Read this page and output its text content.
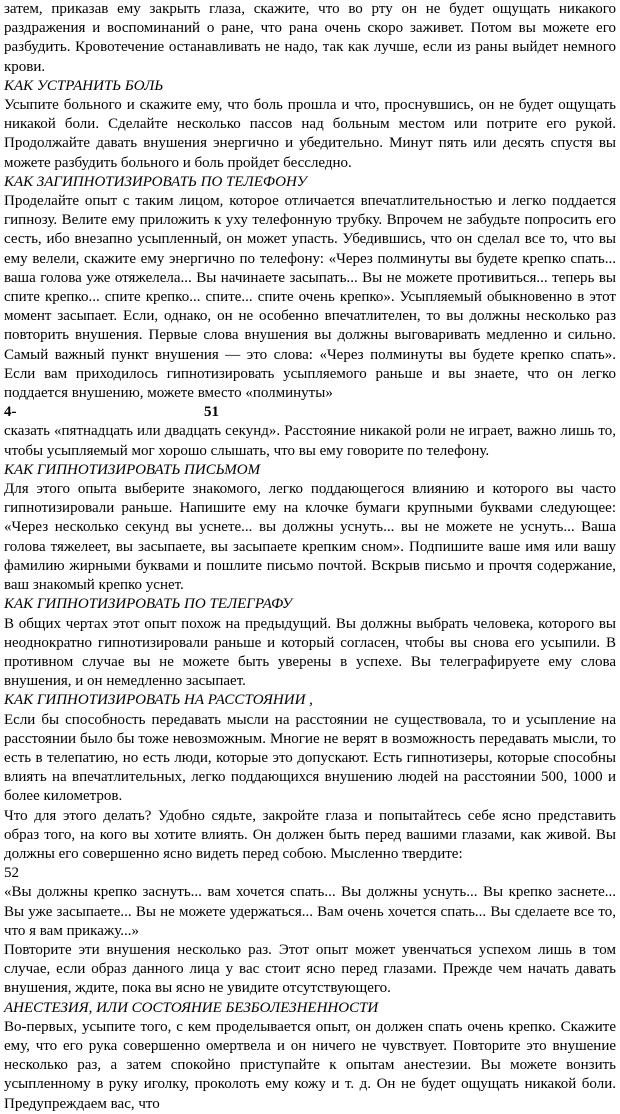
затем, приказав ему закрыть глаза, скажите, что во рту он не будет ощущать никакого раздражения и воспоминаний о ране, что рана очень скоро заживет. Потом вы можете его разбудить. Кровотечение останавливать не надо, так как лучше, если из раны выйдет немного крови.

КАК УСТРАНИТЬ БОЛЬ

Усыпите больного и скажите ему, что боль прошла и что, проснувшись, он не будет ощущать никакой боли. Сделайте несколько пассов над больным местом или потрите его рукой. Продолжайте давать внушения энергично и убедительно. Минут пять или десять спустя вы можете разбудить больного и боль пройдет бесследно.

КАК ЗАГИПНОТИЗИРОВАТЬ ПО ТЕЛЕФОНУ

Проделайте опыт с таким лицом, которое отличается впечатлительностью и легко поддается гипнозу. Велите ему приложить к уху телефонную трубку. Впрочем не забудьте попросить его сесть, ибо внезапно усыпленный, он может упасть. Убедившись, что он сделал все то, что вы ему велели, скажите ему энергично по телефону: «Через полминуты вы будете крепко спать... ваша голова уже отяжелела... Вы начинаете засыпать... Вы не можете противиться... теперь вы спите крепко... спите крепко... спите... спите очень крепко». Усыпляемый обыкновенно в этот момент засыпает. Если, однако, он не особенно впечатлителен, то вы должны несколько раз повторить внушения. Первые слова внушения вы должны выговаривать медленно и сильно. Самый важный пункт внушения — это слова: «Через полминуты вы будете крепко спать». Если вам приходилось гипнотизировать усыпляемого раньше и вы знаете, что он легко поддается внушению, можете вместо «полминуты»

4-	51

сказать «пятнадцать или двадцать секунд». Расстояние никакой роли не играет, важно лишь то, чтобы усыпляемый мог хорошо слышать, что вы ему говорите по телефону.

КАК ГИПНОТИЗИРОВАТЬ ПИСЬМОМ

Для этого опыта выберите знакомого, легко поддающегося влиянию и которого вы часто гипнотизировали раньше. Напишите ему на клочке бумаги крупными буквами следующее: «Через несколько секунд вы уснете... вы должны уснуть... вы не можете не уснуть... Ваша голова тяжелеет, вы засыпаете, вы засыпаете крепким сном». Подпишите ваше имя или вашу фамилию жирными буквами и пошлите письмо почтой. Вскрыв письмо и прочтя содержание, ваш знакомый крепко уснет.

КАК ГИПНОТИЗИРОВАТЬ ПО ТЕЛЕГРАФУ

В общих чертах этот опыт похож на предыдущий. Вы должны выбрать человека, которого вы неоднократно гипнотизировали раньше и который согласен, чтобы вы снова его усыпили. В противном случае вы не можете быть уверены в успехе. Вы телеграфируете ему слова внушения, и он немедленно засыпает.

КАК ГИПНОТИЗИРОВАТЬ НА РАССТОЯНИИ ,

Если бы способность передавать мысли на расстоянии не существовала, то и усыпление на расстоянии было бы тоже невозможным. Многие не верят в возможность передавать мысли, то есть в телепатию, но есть люди, которые это допускают. Есть гипнотизеры, которые способны влиять на впечатлительных, легко поддающихся внушению людей на расстоянии 500, 1000 и более километров.

Что для этого делать? Удобно сядьте, закройте глаза и попытайтесь себе ясно представить образ того, на кого вы хотите влиять. Он должен быть перед вашими глазами, как живой. Вы должны его совершенно ясно видеть перед собою. Мысленно твердите:

52

«Вы должны крепко заснуть... вам хочется спать... Вы должны уснуть... Вы крепко заснете... Вы уже засыпаете... Вы не можете удержаться... Вам очень хочется спать... Вы сделаете все то, что я вам прикажу...»

Повторите эти внушения несколько раз. Этот опыт может увенчаться успехом лишь в том случае, если образ данного лица у вас стоит ясно перед глазами. Прежде чем начать давать внушения, ждите, пока вы ясно не увидите отсутствующего.

АНЕСТЕЗИЯ, ИЛИ СОСТОЯНИЕ БЕЗБОЛЕЗНЕННОСТИ

Во-первых, усыпите того, с кем проделывается опыт, он должен спать очень крепко. Скажите ему, что его рука совершенно омертвела и он ничего не чувствует. Повторите это внушение несколько раз, а затем спокойно приступайте к опытам анестезии. Вы можете вонзить усыпленному в руку иголку, проколоть ему кожу и т. д. Он не будет ощущать никакой боли. Предупреждаем вас, что
